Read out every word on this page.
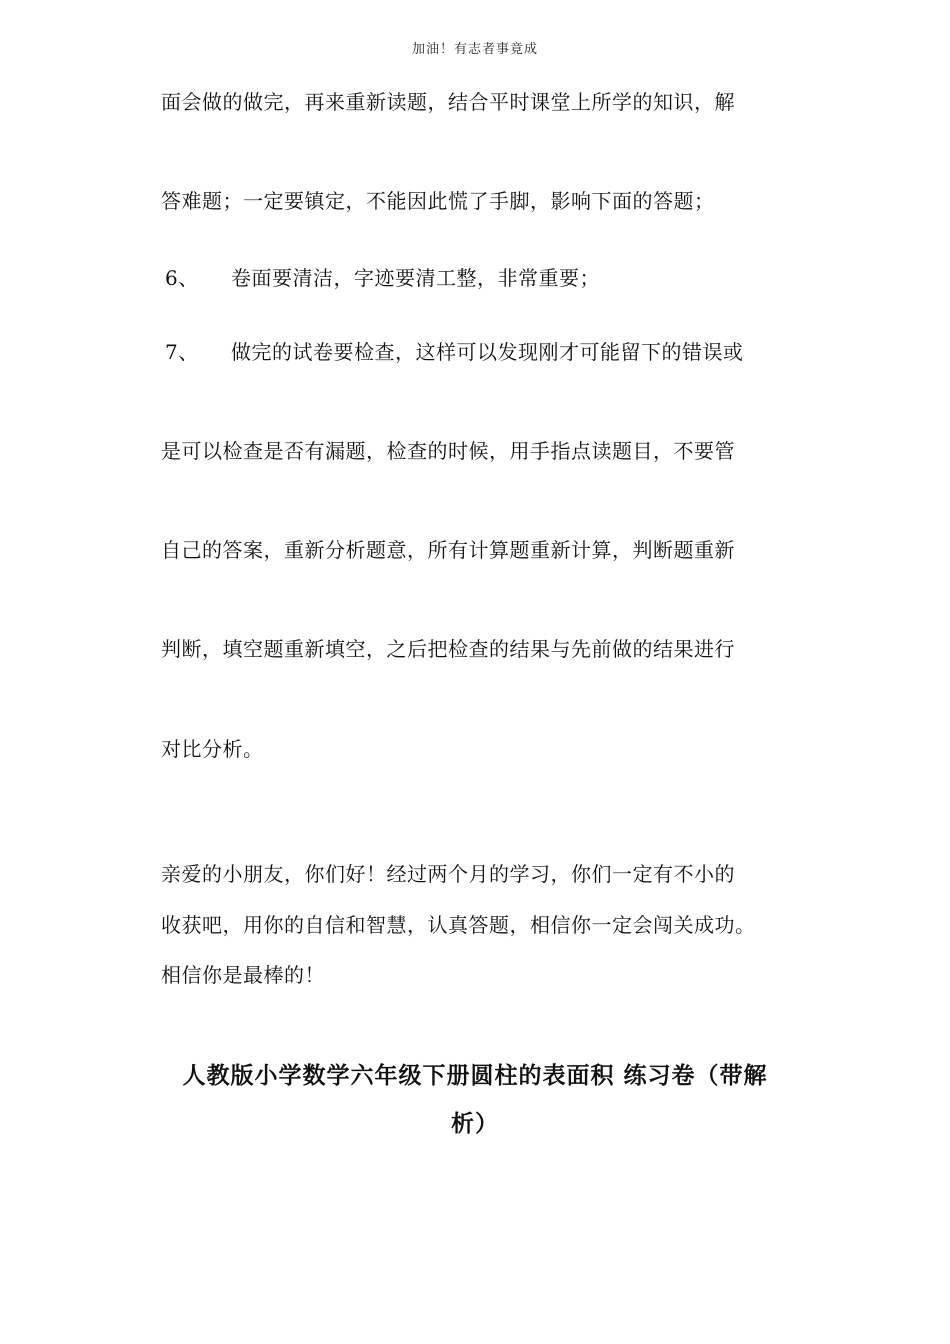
加油！有志者事竟成
面会做的做完，再来重新读题，结合平时课堂上所学的知识，解
答难题；一定要镇定，不能因此慌了手脚，影响下面的答题；
6、 卷面要清洁，字迹要清工整，非常重要；
7、 做完的试卷要检查，这样可以发现刚才可能留下的错误或
是可以检查是否有漏题，检查的时候，用手指点读题目，不要管
自己的答案，重新分析题意，所有计算题重新计算，判断题重新
判断，填空题重新填空，之后把检查的结果与先前做的结果进行
对比分析。
亲爱的小朋友，你们好！经过两个月的学习，你们一定有不小的
收获吧，用你的自信和智慧，认真答题，相信你一定会闯关成功。
相信你是最棒的！
人教版小学数学六年级下册圆柱的表面积 练习卷（带解
析）
